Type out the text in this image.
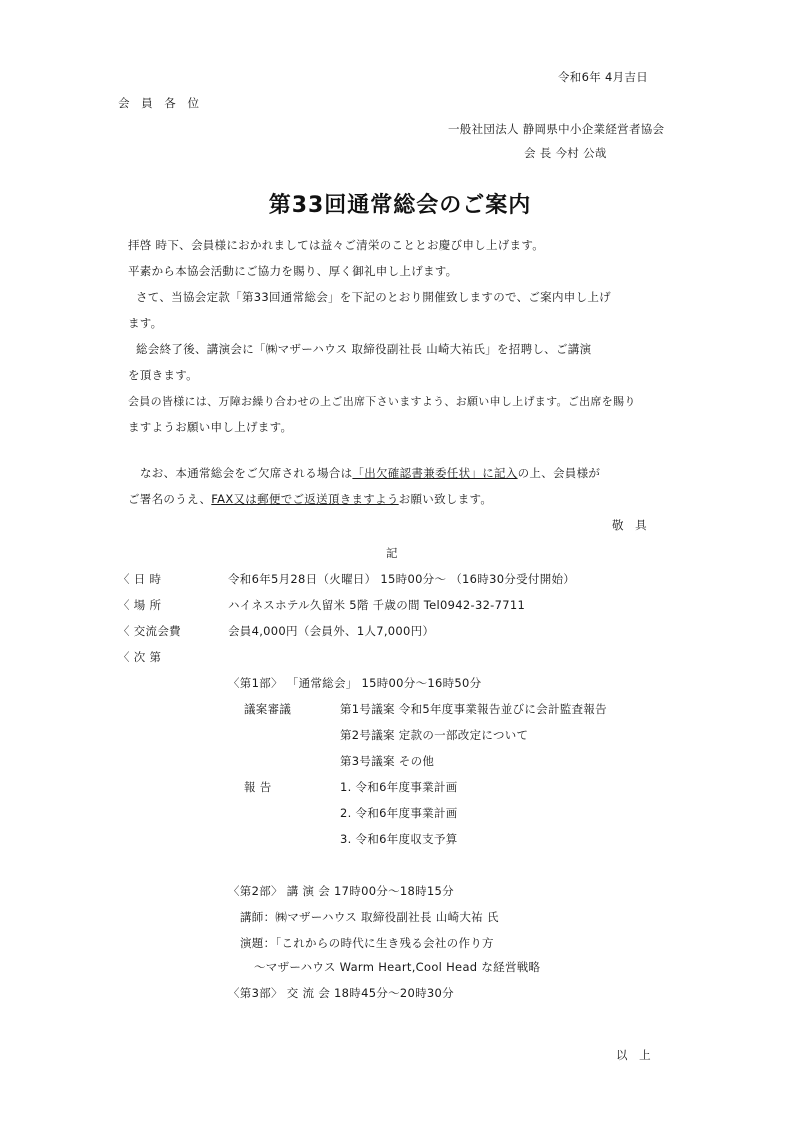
令和6年 4月吉日
会 員 各 位
一般社団法人 静岡県中小企業経営者協会
会 長 今村 公哉
第33回通常総会のご案内
拝啓 時下、会員様におかれましては益々ご清栄のこととお慶び申し上げます。
平素から本協会活動にご協力を賜り、厚く御礼申し上げます。
さて、当協会定款「第33回通常総会」を下記のとおり開催致しますので、ご案内申し上げ
ます。
総会終了後、講演会に「㈱マザーハウス 取締役副社長 山崎大祐氏」を招聘し、ご講演
を頂きます。
会員の皆様には、万障お繰り合わせの上ご出席下さいますよう、お願い申し上げます。ご出席を賜り
ますようお願い申し上げます。
なお、本通常総会をご欠席される場合は「出欠確認書兼委任状」に記入の上、会員様が
ご署名のうえ、FAX又は郵便でご返送頂きますようお願い致します。
敬 具
記
〈 日 時	令和6年5月28日（火曜日） 15時00分～ （16時30分受付開始）
〈 場 所	ハイネスホテル久留米 5階 千歳の間 Tel0942-32-7711
〈 交流会費	会員4,000円（会員外、1人7,000円）
〈 次 第
〈第1部〉 「通常総会」 15時00分～16時50分
議案審議	第1号議案 令和5年度事業報告並びに会計監査報告
第2号議案 定款の一部改定について
第3号議案 その他
報 告	1. 令和6年度事業計画
2. 令和6年度事業計画
3. 令和6年度収支予算
〈第2部〉 講 演 会 17時00分～18時15分
講師：㈱マザーハウス 取締役副社長 山崎大祐 氏
演題：「これからの時代に生き残る会社の作り方
～マザーハウス Warm Heart,Cool Head な経営戦略
〈第3部〉 交 流 会 18時45分～20時30分
以 上
